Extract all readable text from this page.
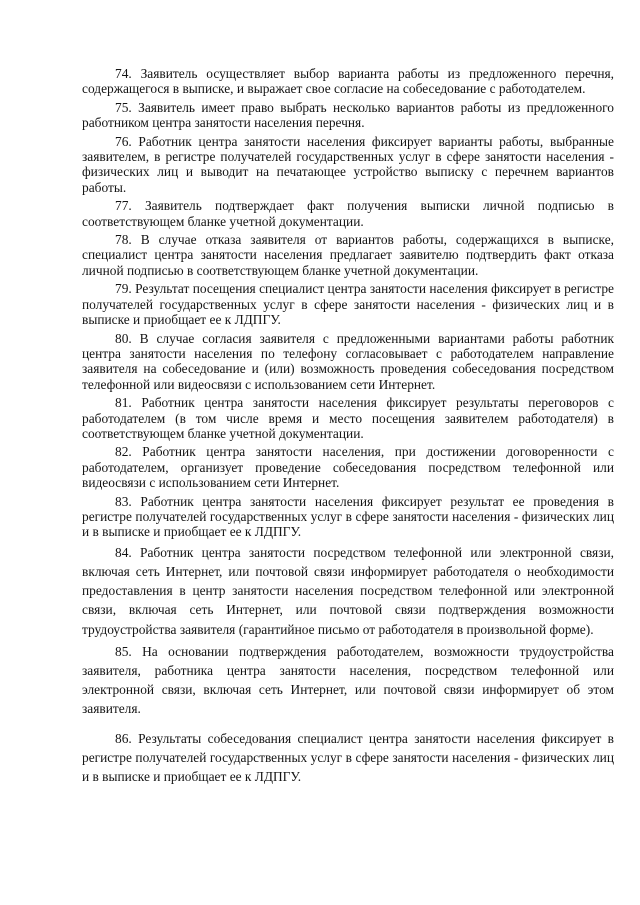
74. Заявитель осуществляет выбор варианта работы из предложенного перечня, содержащегося в выписке, и выражает свое согласие на собеседование с работодателем.

75. Заявитель имеет право выбрать несколько вариантов работы из предложенного работником центра занятости населения перечня.

76. Работник центра занятости населения фиксирует варианты работы, выбранные заявителем, в регистре получателей государственных услуг в сфере занятости населения - физических лиц и выводит на печатающее устройство выписку с перечнем вариантов работы.

77. Заявитель подтверждает факт получения выписки личной подписью в соответствующем бланке учетной документации.

78. В случае отказа заявителя от вариантов работы, содержащихся в выписке, специалист центра занятости населения предлагает заявителю подтвердить факт отказа личной подписью в соответствующем бланке учетной документации.

79. Результат посещения специалист центра занятости населения фиксирует в регистре получателей государственных услуг в сфере занятости населения - физических лиц и в выписке и приобщает ее к ЛДПГУ.

80. В случае согласия заявителя с предложенными вариантами работы работник центра занятости населения по телефону согласовывает с работодателем направление заявителя на собеседование и (или) возможность проведения собеседования посредством телефонной или видеосвязи с использованием сети Интернет.

81. Работник центра занятости населения фиксирует результаты переговоров с работодателем (в том числе время и место посещения заявителем работодателя) в соответствующем бланке учетной документации.

82. Работник центра занятости населения, при достижении договоренности с работодателем, организует проведение собеседования посредством телефонной или видеосвязи с использованием сети Интернет.

83. Работник центра занятости населения фиксирует результат ее проведения в регистре получателей государственных услуг в сфере занятости населения - физических лиц и в выписке и приобщает ее к ЛДПГУ.

84. Работник центра занятости посредством телефонной или электронной связи, включая сеть Интернет, или почтовой связи информирует работодателя о необходимости предоставления в центр занятости населения посредством телефонной или электронной связи, включая сеть Интернет, или почтовой связи подтверждения возможности трудоустройства заявителя (гарантийное письмо от работодателя в произвольной форме).

85. На основании подтверждения работодателем, возможности трудоустройства заявителя, работника центра занятости населения, посредством телефонной или электронной связи, включая сеть Интернет, или почтовой связи информирует об этом заявителя.

86. Результаты собеседования специалист центра занятости населения фиксирует в регистре получателей государственных услуг в сфере занятости населения - физических лиц и в выписке и приобщает ее к ЛДПГУ.
